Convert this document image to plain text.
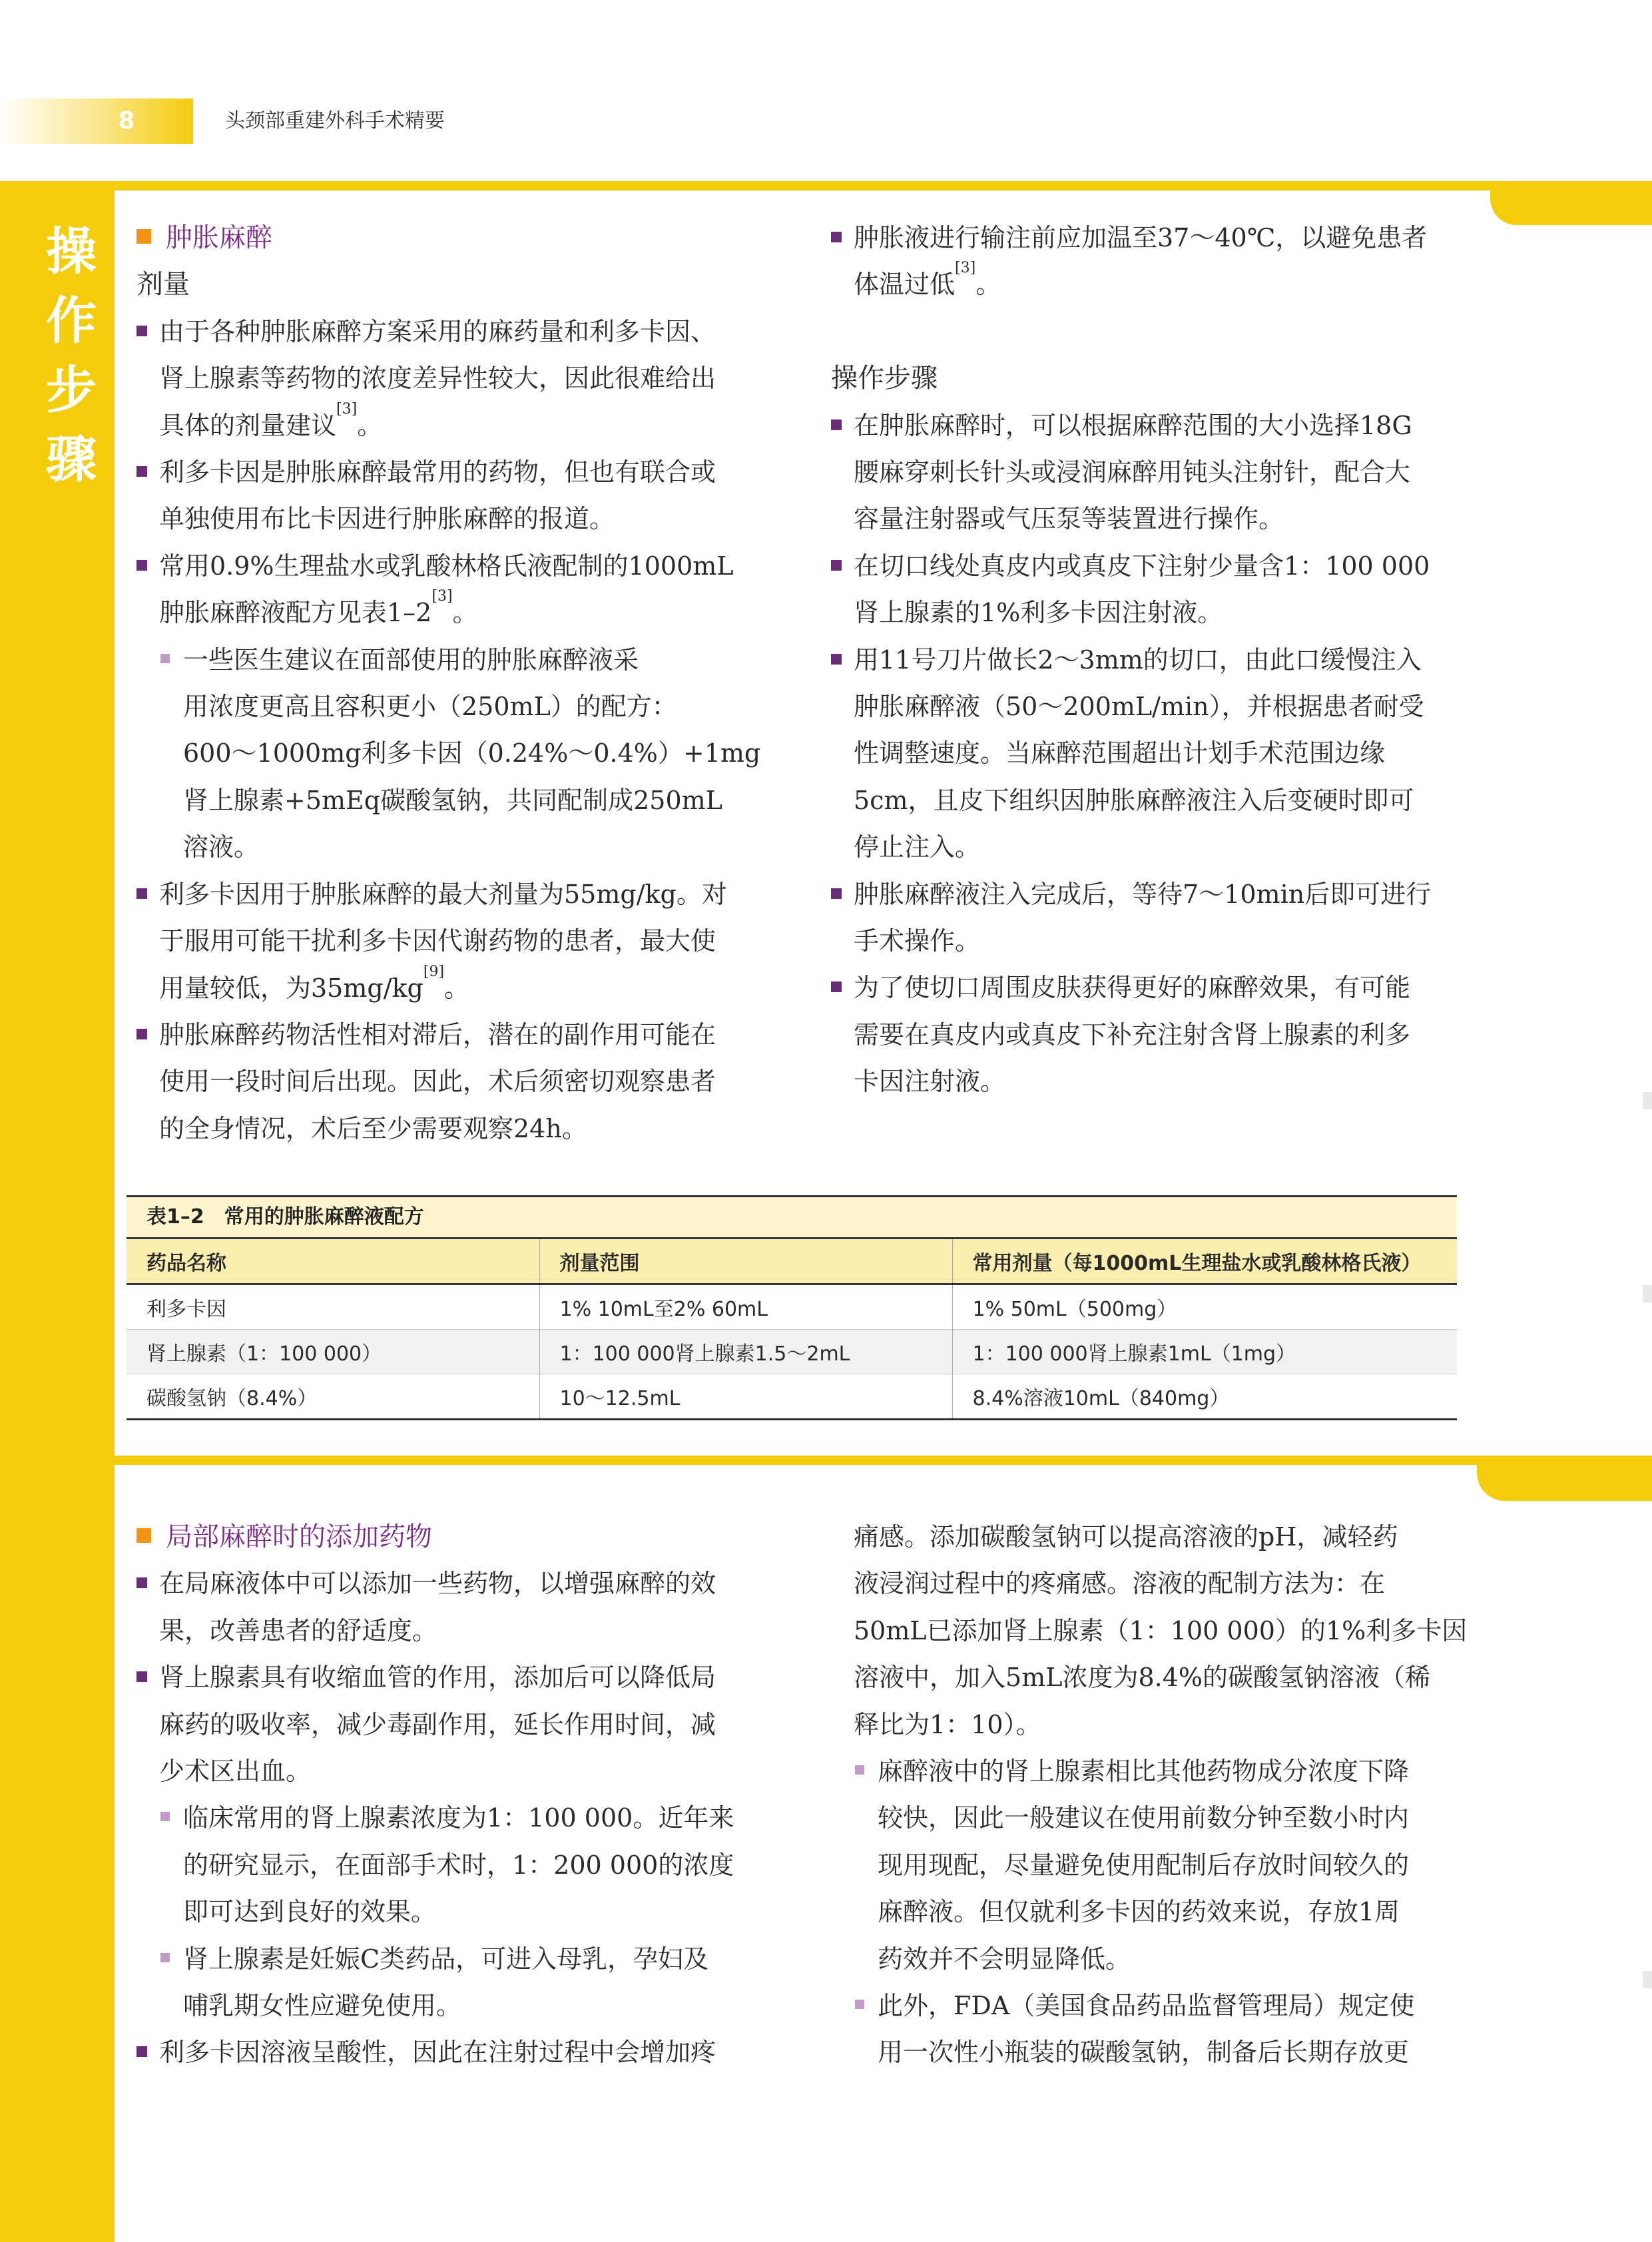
8	头颈部重建外科手术精要
操
作
步
骤

肿胀麻醉

剂量

由于各种肿胀麻醉方案采用的麻药量和利多卡因、
肾上腺素等药物的浓度差异性较大，因此很难给出
具体的剂量建议[3]。

利多卡因是肿胀麻醉最常用的药物，但也有联合或
单独使用布比卡因进行肿胀麻醉的报道。

常用0.9%生理盐水或乳酸林格氏液配制的1000mL
肿胀麻醉液配方见表1–2[3]。

一些医生建议在面部使用的肿胀麻醉液采
用浓度更高且容积更小（250mL）的配方：
600～1000mg利多卡因（0.24%～0.4%）+1mg
肾上腺素+5mEq碳酸氢钠，共同配制成250mL
溶液。

利多卡因用于肿胀麻醉的最大剂量为55mg/kg。对
于服用可能干扰利多卡因代谢药物的患者，最大使
用量较低，为35mg/kg[9]。

肿胀麻醉药物活性相对滞后，潜在的副作用可能在
使用一段时间后出现。因此，术后须密切观察患者
的全身情况，术后至少需要观察24h。

肿胀液进行输注前应加温至37～40℃，以避免患者
体温过低[3]。

操作步骤

在肿胀麻醉时，可以根据麻醉范围的大小选择18G
腰麻穿刺长针头或浸润麻醉用钝头注射针，配合大
容量注射器或气压泵等装置进行操作。

在切口线处真皮内或真皮下注射少量含1：100 000
肾上腺素的1%利多卡因注射液。

用11号刀片做长2～3mm的切口，由此口缓慢注入
肿胀麻醉液（50～200mL/min），并根据患者耐受
性调整速度。当麻醉范围超出计划手术范围边缘
5cm，且皮下组织因肿胀麻醉液注入后变硬时即可
停止注入。

肿胀麻醉液注入完成后，等待7～10min后即可进行
手术操作。

为了使切口周围皮肤获得更好的麻醉效果，有可能
需要在真皮内或真皮下补充注射含肾上腺素的利多
卡因注射液。

表1–2　常用的肿胀麻醉液配方
药品名称	剂量范围	常用剂量（每1000mL生理盐水或乳酸林格氏液）
利多卡因	1% 10mL至2% 60mL	1% 50mL（500mg）
肾上腺素（1：100 000）	1：100 000肾上腺素1.5～2mL	1：100 000肾上腺素1mL（1mg）
碳酸氢钠（8.4%）	10～12.5mL	8.4%溶液10mL（840mg）

局部麻醉时的添加药物

在局麻液体中可以添加一些药物，以增强麻醉的效
果，改善患者的舒适度。

肾上腺素具有收缩血管的作用，添加后可以降低局
麻药的吸收率，减少毒副作用，延长作用时间，减
少术区出血。

临床常用的肾上腺素浓度为1：100 000。近年来
的研究显示，在面部手术时，1：200 000的浓度
即可达到良好的效果。

肾上腺素是妊娠C类药品，可进入母乳，孕妇及
哺乳期女性应避免使用。

利多卡因溶液呈酸性，因此在注射过程中会增加疼

痛感。添加碳酸氢钠可以提高溶液的pH，减轻药
液浸润过程中的疼痛感。溶液的配制方法为：在
50mL已添加肾上腺素（1：100 000）的1%利多卡因
溶液中，加入5mL浓度为8.4%的碳酸氢钠溶液（稀
释比为1：10）。

麻醉液中的肾上腺素相比其他药物成分浓度下降
较快，因此一般建议在使用前数分钟至数小时内
现用现配，尽量避免使用配制后存放时间较久的
麻醉液。但仅就利多卡因的药效来说，存放1周
药效并不会明显降低。

此外，FDA（美国食品药品监督管理局）规定使
用一次性小瓶装的碳酸氢钠，制备后长期存放更
